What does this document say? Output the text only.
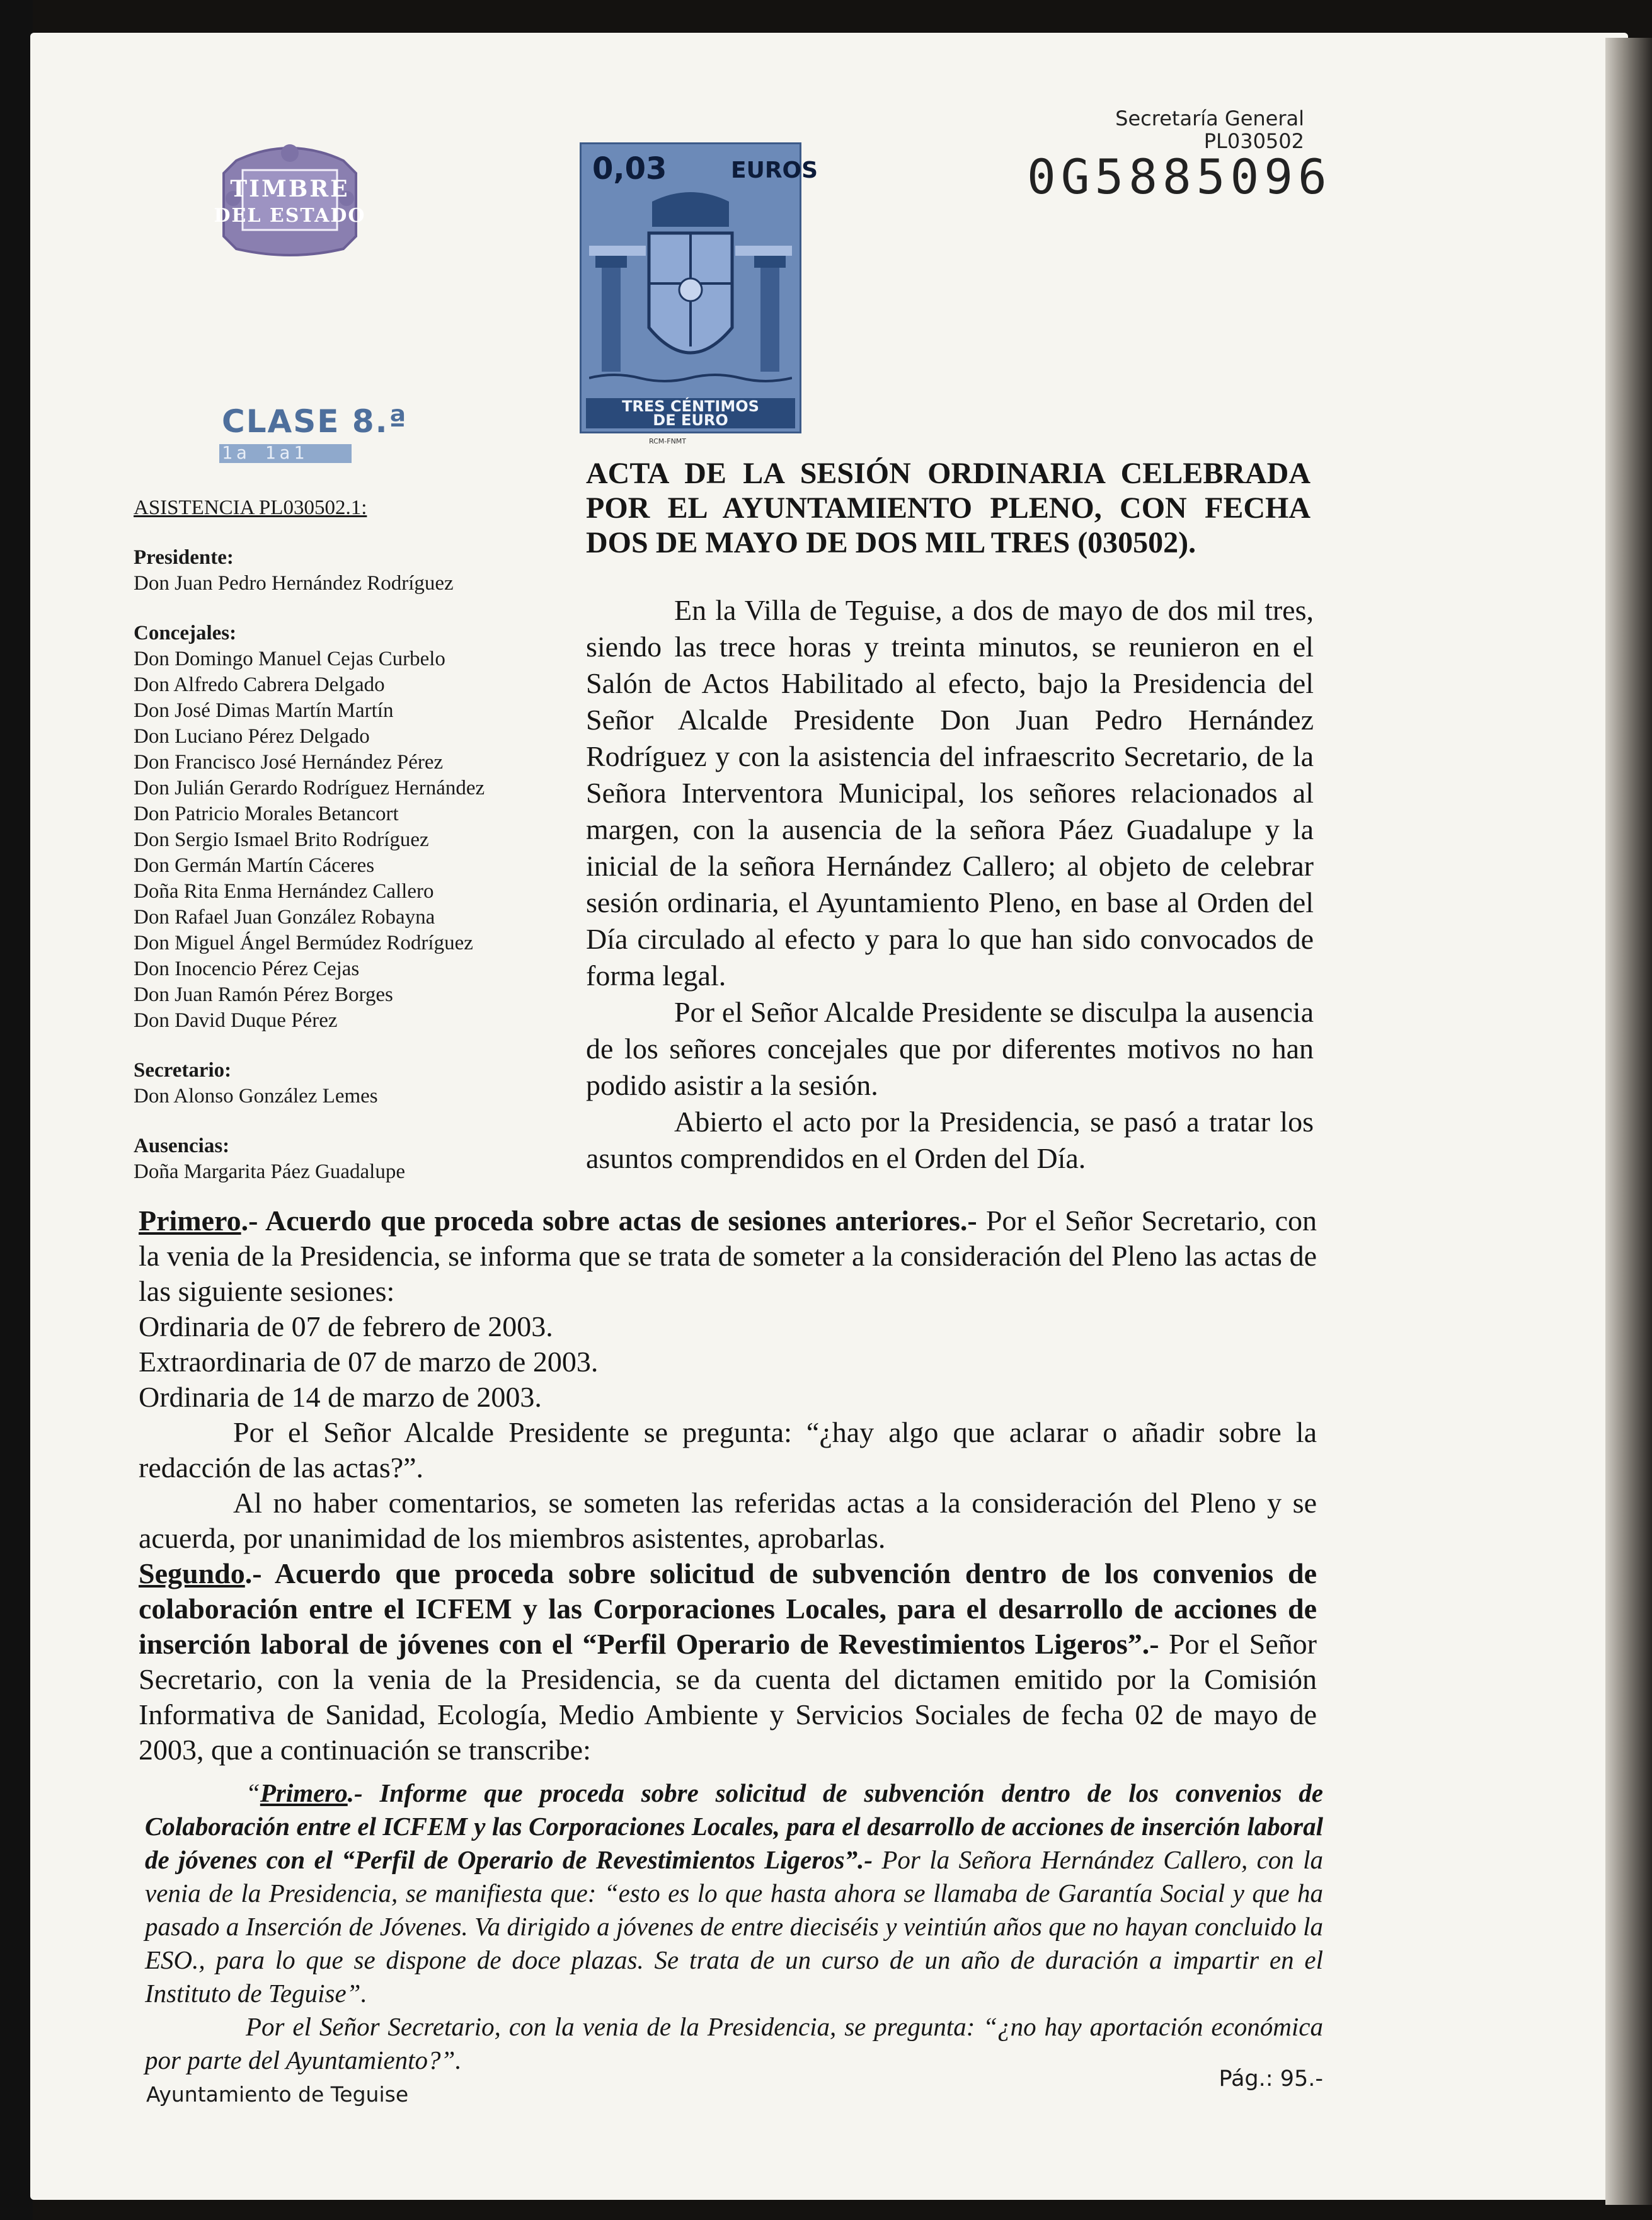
TIMBRE
DEL ESTADO
CLASE 8.ª
1a 1a1
0,03	EUROS
TRES CÉNTIMOS
DE EURO
RCM-FNMT
Secretaría General
PL030502
0G5885096
ACTA DE LA SESIÓN ORDINARIA CELEBRADA POR EL AYUNTAMIENTO PLENO, CON FECHA DOS DE MAYO DE DOS MIL TRES (030502).
ASISTENCIA PL030502.1:
Presidente:
Don Juan Pedro Hernández Rodríguez
Concejales:
Don Domingo Manuel Cejas Curbelo
Don Alfredo Cabrera Delgado
Don José Dimas Martín Martín
Don Luciano Pérez Delgado
Don Francisco José Hernández Pérez
Don Julián Gerardo Rodríguez Hernández
Don Patricio Morales Betancort
Don Sergio Ismael Brito Rodríguez
Don Germán Martín Cáceres
Doña Rita Enma Hernández Callero
Don Rafael Juan González Robayna
Don Miguel Ángel Bermúdez Rodríguez
Don Inocencio Pérez Cejas
Don Juan Ramón Pérez Borges
Don David Duque Pérez
Secretario:
Don Alonso González Lemes
Ausencias:
Doña Margarita Páez Guadalupe

En la Villa de Teguise, a dos de mayo de dos mil tres, siendo las trece horas y treinta minutos, se reunieron en el Salón de Actos Habilitado al efecto, bajo la Presidencia del Señor Alcalde Presidente Don Juan Pedro Hernández Rodríguez y con la asistencia del infraescrito Secretario, de la Señora Interventora Municipal, los señores relacionados al margen, con la ausencia de la señora Páez Guadalupe y la inicial de la señora Hernández Callero; al objeto de celebrar sesión ordinaria, el Ayuntamiento Pleno, en base al Orden del Día circulado al efecto y para lo que han sido convocados de forma legal.

Por el Señor Alcalde Presidente se disculpa la ausencia de los señores concejales que por diferentes motivos no han podido asistir a la sesión.

Abierto el acto por la Presidencia, se pasó a tratar los asuntos comprendidos en el Orden del Día.

Primero.- Acuerdo que proceda sobre actas de sesiones anteriores.- Por el Señor Secretario, con la venia de la Presidencia, se informa que se trata de someter a la consideración del Pleno las actas de las siguiente sesiones:

Ordinaria de 07 de febrero de 2003.

Extraordinaria de 07 de marzo de 2003.

Ordinaria de 14 de marzo de 2003.

Por el Señor Alcalde Presidente se pregunta: “¿hay algo que aclarar o añadir sobre la redacción de las actas?”.

Al no haber comentarios, se someten las referidas actas a la consideración del Pleno y se acuerda, por unanimidad de los miembros asistentes, aprobarlas.

Segundo.- Acuerdo que proceda sobre solicitud de subvención dentro de los convenios de colaboración entre el ICFEM y las Corporaciones Locales, para el desarrollo de acciones de inserción laboral de jóvenes con el “Perfil Operario de Revestimientos Ligeros”.- Por el Señor Secretario, con la venia de la Presidencia, se da cuenta del dictamen emitido por la Comisión Informativa de Sanidad, Ecología, Medio Ambiente y Servicios Sociales de fecha 02 de mayo de 2003, que a continuación se transcribe:

“Primero.- Informe que proceda sobre solicitud de subvención dentro de los convenios de Colaboración entre el ICFEM y las Corporaciones Locales, para el desarrollo de acciones de inserción laboral de jóvenes con el “Perfil de Operario de Revestimientos Ligeros”.- Por la Señora Hernández Callero, con la venia de la Presidencia, se manifiesta que: “esto es lo que hasta ahora se llamaba de Garantía Social y que ha pasado a Inserción de Jóvenes. Va dirigido a jóvenes de entre dieciséis y veintiún años que no hayan concluido la ESO., para lo que se dispone de doce plazas. Se trata de un curso de un año de duración a impartir en el Instituto de Teguise”.

Por el Señor Secretario, con la venia de la Presidencia, se pregunta: “¿no hay aportación económica por parte del Ayuntamiento?”.

Ayuntamiento de Teguise
Pág.: 95.-
